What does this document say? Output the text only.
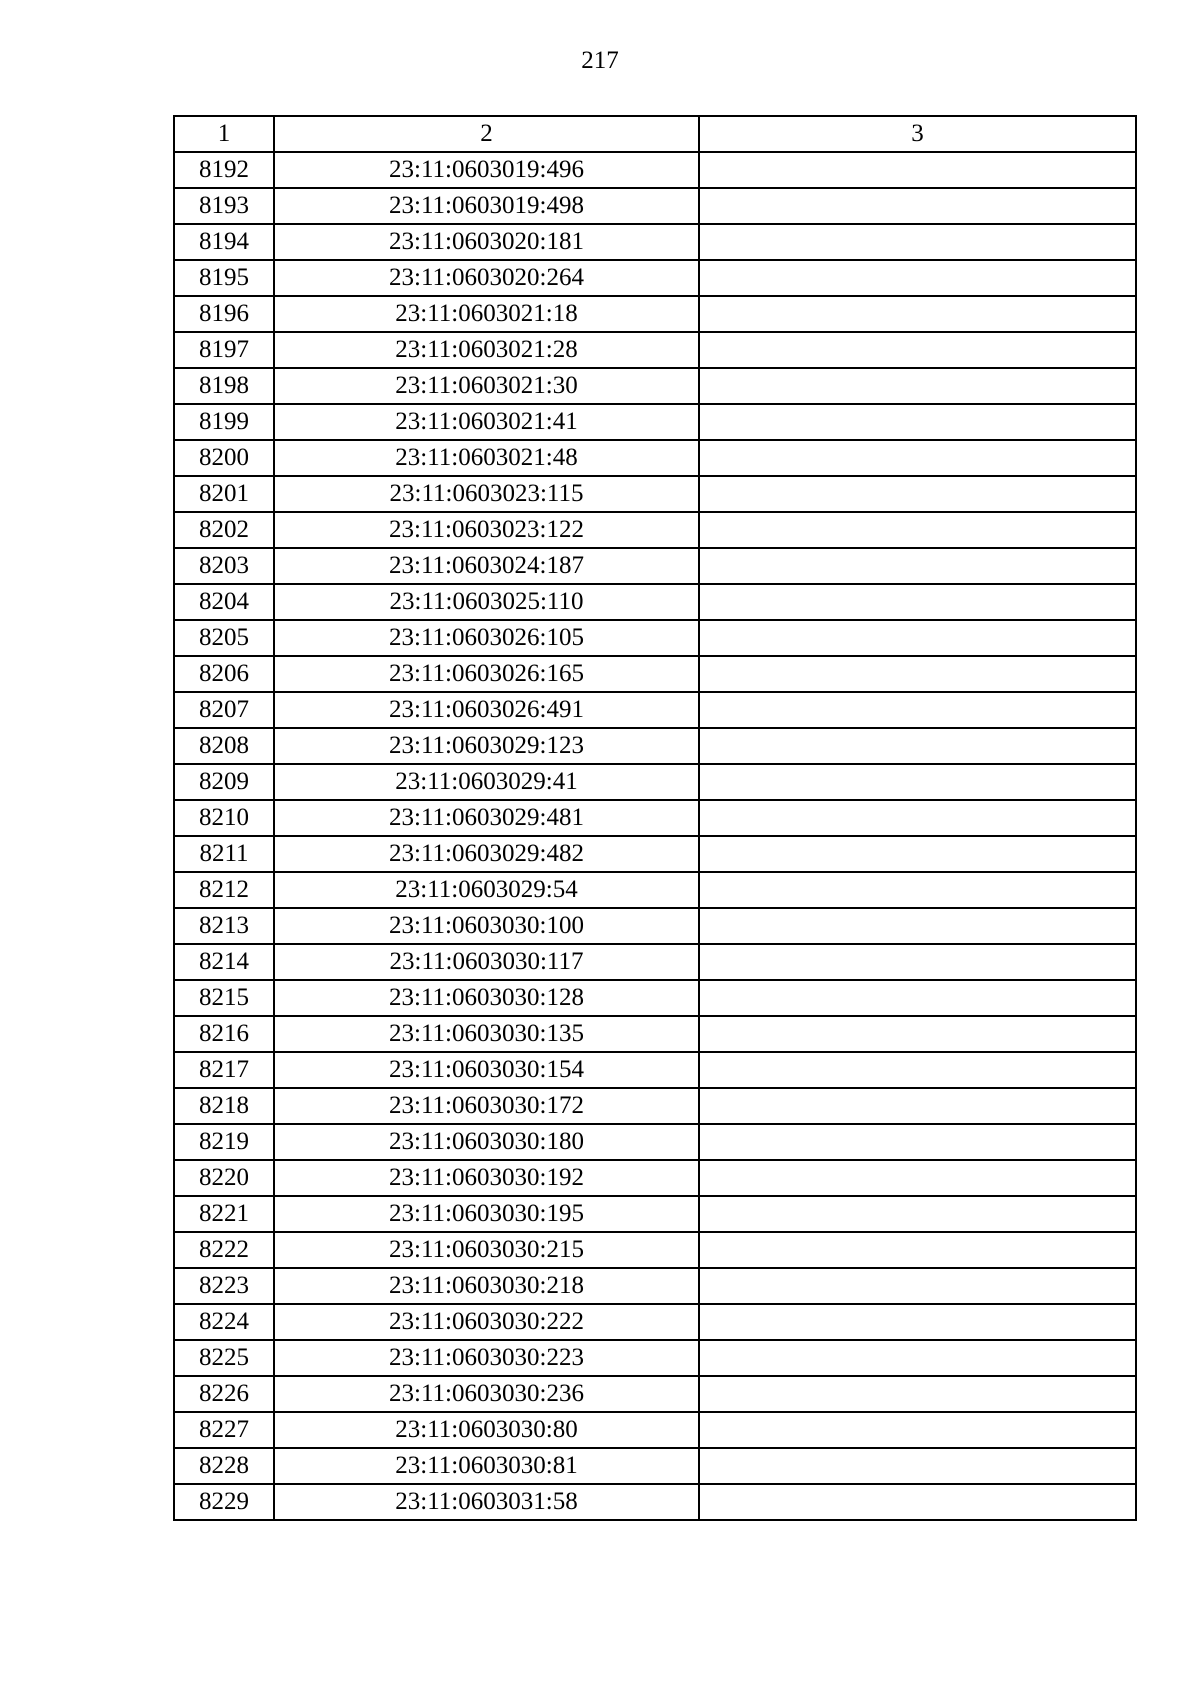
217
1	2	3
8192	23:11:0603019:496	
8193	23:11:0603019:498	
8194	23:11:0603020:181	
8195	23:11:0603020:264	
8196	23:11:0603021:18	
8197	23:11:0603021:28	
8198	23:11:0603021:30	
8199	23:11:0603021:41	
8200	23:11:0603021:48	
8201	23:11:0603023:115	
8202	23:11:0603023:122	
8203	23:11:0603024:187	
8204	23:11:0603025:110	
8205	23:11:0603026:105	
8206	23:11:0603026:165	
8207	23:11:0603026:491	
8208	23:11:0603029:123	
8209	23:11:0603029:41	
8210	23:11:0603029:481	
8211	23:11:0603029:482	
8212	23:11:0603029:54	
8213	23:11:0603030:100	
8214	23:11:0603030:117	
8215	23:11:0603030:128	
8216	23:11:0603030:135	
8217	23:11:0603030:154	
8218	23:11:0603030:172	
8219	23:11:0603030:180	
8220	23:11:0603030:192	
8221	23:11:0603030:195	
8222	23:11:0603030:215	
8223	23:11:0603030:218	
8224	23:11:0603030:222	
8225	23:11:0603030:223	
8226	23:11:0603030:236	
8227	23:11:0603030:80	
8228	23:11:0603030:81	
8229	23:11:0603031:58	
